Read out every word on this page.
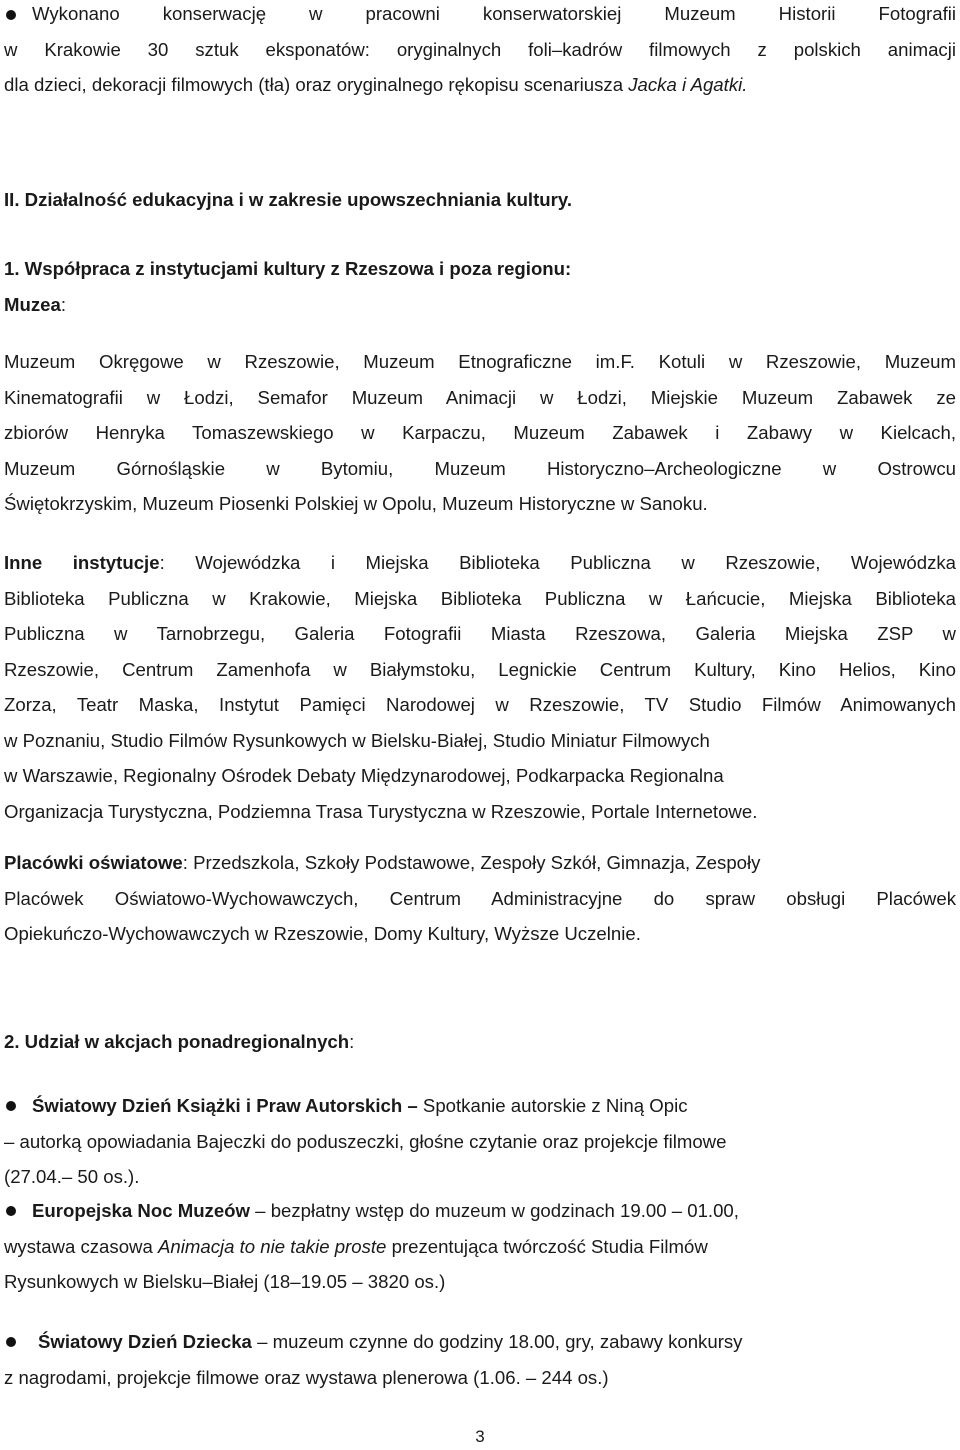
Wykonano konserwację w pracowni konserwatorskiej Muzeum Historii Fotografii
w Krakowie 30 sztuk eksponatów: oryginalnych foli–kadrów filmowych z polskich animacji
dla dzieci, dekoracji filmowych (tła) oraz oryginalnego rękopisu scenariusza Jacka i Agatki.
II. Działalność edukacyjna i w zakresie upowszechniania kultury.
1. Współpraca z instytucjami kultury z Rzeszowa i poza regionu:
Muzea:
Muzeum Okręgowe w Rzeszowie, Muzeum Etnograficzne im.F. Kotuli w Rzeszowie, Muzeum
Kinematografii w Łodzi, Semafor Muzeum Animacji w Łodzi, Miejskie Muzeum Zabawek ze
zbiorów Henryka Tomaszewskiego w Karpaczu, Muzeum Zabawek i Zabawy w Kielcach,
Muzeum Górnośląskie w Bytomiu, Muzeum Historyczno–Archeologiczne w Ostrowcu
Świętokrzyskim, Muzeum Piosenki Polskiej w Opolu, Muzeum Historyczne w Sanoku.
Inne instytucje: Wojewódzka i Miejska Biblioteka Publiczna w Rzeszowie, Wojewódzka
Biblioteka Publiczna w Krakowie, Miejska Biblioteka Publiczna w Łańcucie, Miejska Biblioteka
Publiczna w Tarnobrzegu, Galeria Fotografii Miasta Rzeszowa, Galeria Miejska ZSP w
Rzeszowie, Centrum Zamenhofa w Białymstoku, Legnickie Centrum Kultury, Kino Helios, Kino
Zorza, Teatr Maska, Instytut Pamięci Narodowej w Rzeszowie, TV Studio Filmów Animowanych
w Poznaniu, Studio Filmów Rysunkowych w Bielsku-Białej, Studio Miniatur Filmowych
w Warszawie, Regionalny Ośrodek Debaty Międzynarodowej, Podkarpacka Regionalna
Organizacja Turystyczna, Podziemna Trasa Turystyczna w Rzeszowie, Portale Internetowe.
Placówki oświatowe: Przedszkola, Szkoły Podstawowe, Zespoły Szkół, Gimnazja, Zespoły
Placówek Oświatowo-Wychowawczych, Centrum Administracyjne do spraw obsługi Placówek
Opiekuńczo-Wychowawczych w Rzeszowie, Domy Kultury, Wyższe Uczelnie.
2. Udział w akcjach ponadregionalnych:
Światowy Dzień Książki i Praw Autorskich – Spotkanie autorskie z Niną Opic
– autorką opowiadania Bajeczki do poduszeczki, głośne czytanie oraz projekcje filmowe
(27.04.– 50 os.).
Europejska Noc Muzeów – bezpłatny wstęp do muzeum w godzinach 19.00 – 01.00,
wystawa czasowa Animacja to nie takie proste prezentująca twórczość Studia Filmów
Rysunkowych w Bielsku–Białej (18–19.05 – 3820 os.)
Światowy Dzień Dziecka – muzeum czynne do godziny 18.00, gry, zabawy konkursy
z nagrodami, projekcje filmowe oraz wystawa plenerowa (1.06. – 244 os.)
3
